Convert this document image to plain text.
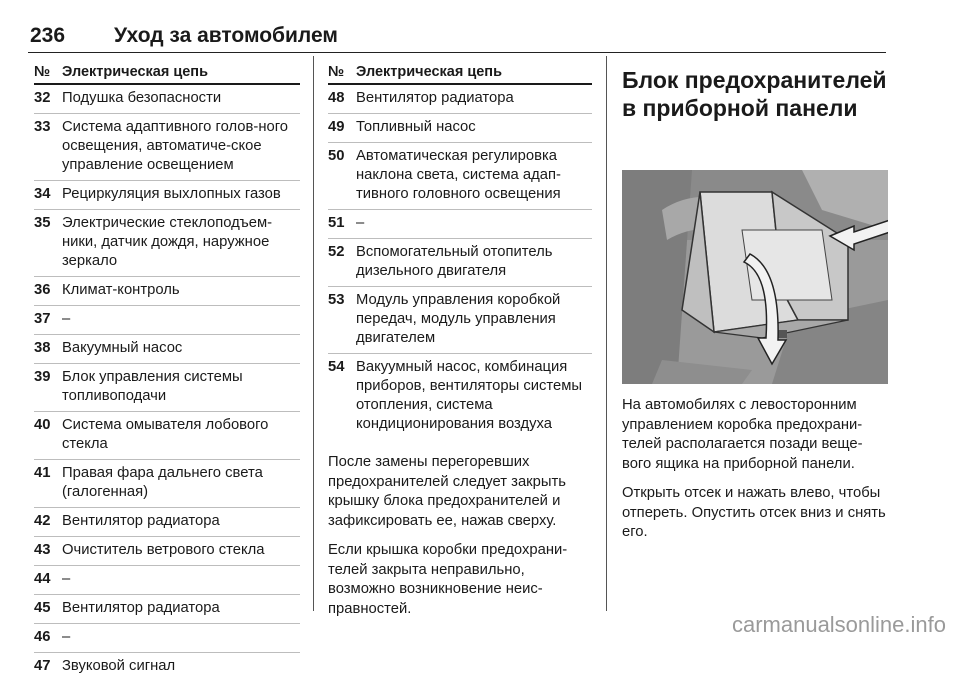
236 Уход за автомобилем
№ Электрическая цепь
32 Подушка безопасности
33 Система адаптивного голов-ного освещения, автоматиче-ское управление освещением
34 Рециркуляция выхлопных газов
35 Электрические стеклоподъем-ники, датчик дождя, наружное зеркало
36 Климат-контроль
37 –
38 Вакуумный насос
39 Блок управления системы топливоподачи
40 Система омывателя лобового стекла
41 Правая фара дальнего света (галогенная)
42 Вентилятор радиатора
43 Очиститель ветрового стекла
44 –
45 Вентилятор радиатора
46 –
47 Звуковой сигнал
№ Электрическая цепь
48 Вентилятор радиатора
49 Топливный насос
50 Автоматическая регулировка наклона света, система адап-тивного головного освещения
51 –
52 Вспомогательный отопитель дизельного двигателя
53 Модуль управления коробкой передач, модуль управления двигателем
54 Вакуумный насос, комбинация приборов, вентиляторы системы отопления, система кондиционирования воздуха
После замены перегоревших предохранителей следует закрыть крышку блока предохранителей и зафиксировать ее, нажав сверху.
Если крышка коробки предохрани-телей закрыта неправильно, возможно возникновение неис-правностей.
Блок предохранителей в приборной панели
На автомобилях с левосторонним управлением коробка предохрани-телей располагается позади веще-вого ящика на приборной панели.
Открыть отсек и нажать влево, чтобы отпереть. Опустить отсек вниз и снять его.
carmanualsonline.info
